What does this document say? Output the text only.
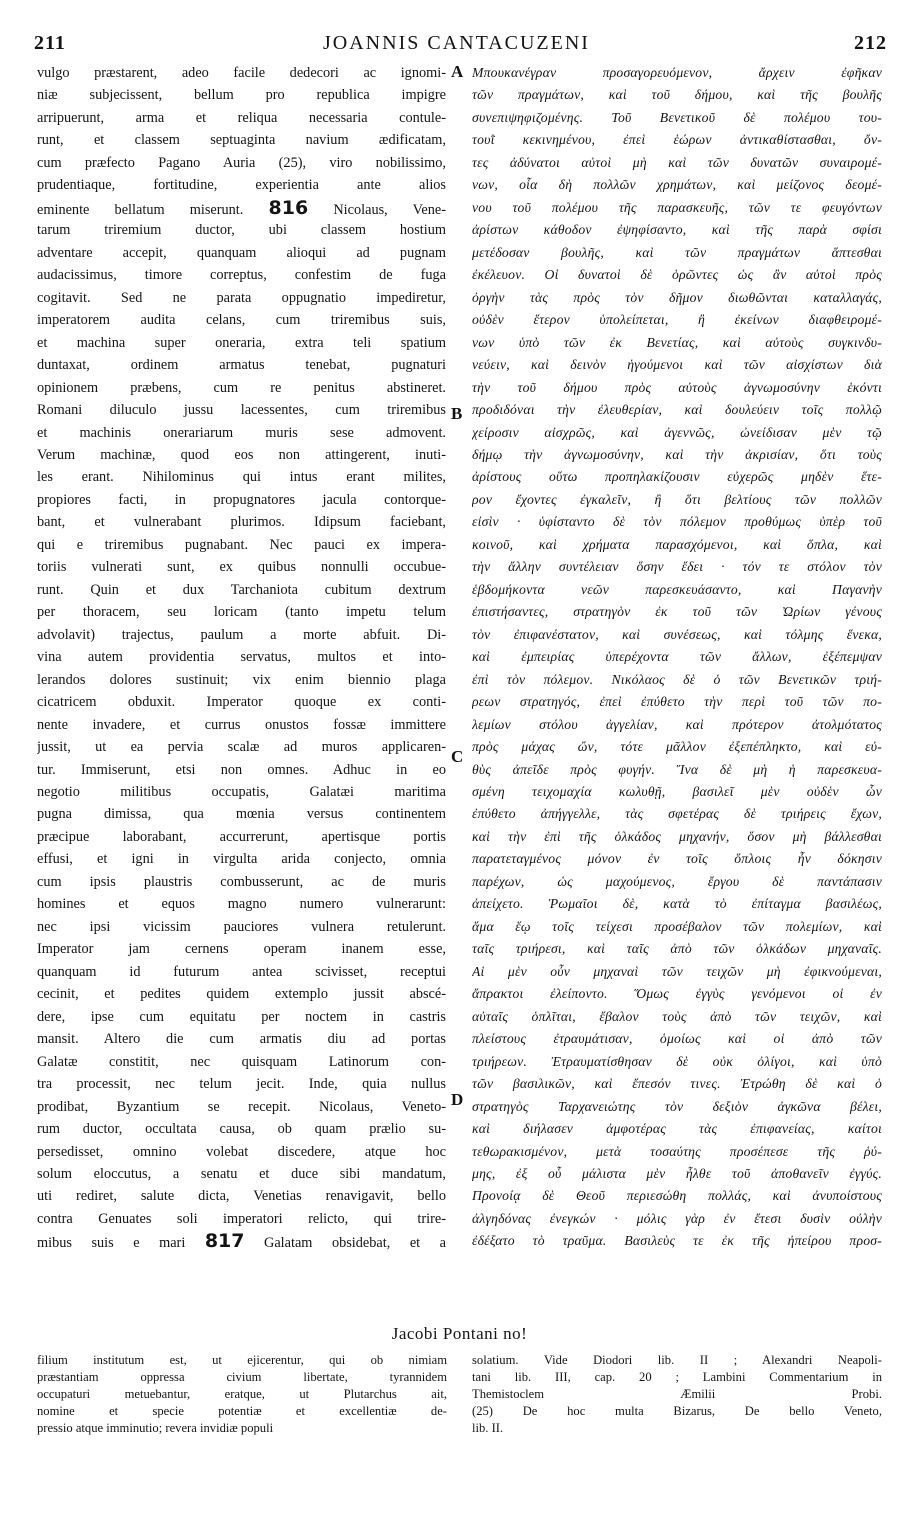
211	JOANNIS CANTACUZENI	212
vulgo præstarent, adeo facile dedecori ac ignomi-
niæ subjecissent, bellum pro republica impigre
arripuerunt, arma et reliqua necessaria contule-
runt, et classem septuaginta navium ædificatam,
cum præfecto Pagano Auria (25), viro nobilissimo,
prudentiaque, fortitudine, experientia ante alios
eminente bellatum miserunt. 816 Nicolaus, Vene-
tarum triremium ductor, ubi classem hostium
adventare accepit, quanquam alioqui ad pugnam
audacissimus, timore correptus, confestim de fuga
cogitavit. Sed ne parata oppugnatio impediretur,
imperatorem audita celans, cum triremibus suis,
et machina super oneraria, extra teli spatium
duntaxat, ordinem armatus tenebat, pugnaturi
opinionem præbens, cum re penitus abstineret.
Romani diluculo jussu lacessentes, cum triremibus
et machinis onerariarum muris sese admovent.
Verum machinæ, quod eos non attingerent, inuti-
les erant. Nihilominus qui intus erant milites,
propiores facti, in propugnatores jacula contorque-
bant, et vulnerabant plurimos. Idipsum faciebant,
qui e triremibus pugnabant. Nec pauci ex impera-
toriis vulnerati sunt, ex quibus nonnulli occubue-
runt. Quin et dux Tarchaniota cubitum dextrum
per thoracem, seu loricam (tanto impetu telum
advolavit) trajectus, paulum a morte abfuit. Di-
vina autem providentia servatus, multos et into-
lerandos dolores sustinuit; vix enim biennio plaga
cicatricem obduxit. Imperator quoque ex conti-
nente invadere, et currus onustos fossæ immittere
jussit, ut ea pervia scalæ ad muros applicaren-
tur. Immiserunt, etsi non omnes. Adhuc in eo
negotio militibus occupatis, Galatæi maritima
pugna dimissa, qua mœnia versus continentem
præcipue laborabant, accurrerunt, apertisque portis
effusi, et igni in virgulta arida conjecto, omnia
cum ipsis plaustris combusserunt, ac de muris
homines et equos magno numero vulnerarunt:
nec ipsi vicissim pauciores vulnera retulerunt.
Imperator jam cernens operam inanem esse,
quanquam id futurum antea scivisset, receptui
cecinit, et pedites quidem extemplo jussit abscé-
dere, ipse cum equitatu per noctem in castris
mansit. Altero die cum armatis diu ad portas
Galatæ constitit, nec quisquam Latinorum con-
tra processit, nec telum jecit. Inde, quia nullus
prodibat, Byzantium se recepit. Nicolaus, Veneto-
rum ductor, occultata causa, ob quam prælio su-
persedisset, omnino volebat discedere, atque hoc
solum eloccutus, a senatu et duce sibi mandatum,
uti rediret, salute dicta, Venetias renavigavit, bello
contra Genuates soli imperatori relicto, qui trire-
mibus suis e mari 817 Galatam obsidebat, et a
Μπουκανέγραν προσαγορευόμενον, ἄρχειν ἐφῆκαν
τῶν πραγμάτων, καὶ τοῦ δήμου, καὶ τῆς βουλῆς
συνεπιψηφιζομένης. Τοῦ Βενετικοῦ δὲ πολέμου του-
τουῒ κεκινημένου, ἐπεὶ ἑώρων ἀντικαθίστασθαι, ὄν-
τες ἀδύνατοι αὐτοὶ μὴ καὶ τῶν δυνατῶν συναιρομέ-
νων, οἷα δὴ πολλῶν χρημάτων, καὶ μείζονος δεομέ-
νου τοῦ πολέμου τῆς παρασκευῆς, τῶν τε φευγόντων
ἀρίστων κάθοδον ἐψηφίσαντο, καὶ τῆς παρὰ σφίσι
μετέδοσαν βουλῆς, καὶ τῶν πραγμάτων ἅπτεσθαι
ἐκέλευον. Οἱ δυνατοὶ δὲ ὁρῶντες ὡς ἂν αὐτοὶ πρὸς
ὀργὴν τὰς πρὸς τὸν δῆμον διωθῶνται καταλλαγάς,
οὐδὲν ἕτερον ὑπολείπεται, ἢ ἐκείνων διαφθειρομέ-
νων ὑπὸ τῶν ἐκ Βενετίας, καὶ αὐτοὺς συγκινδυ-
νεύειν, καὶ δεινὸν ἡγούμενοι καὶ τῶν αἰσχίστων διὰ
τὴν τοῦ δήμου πρὸς αὐτοὺς ἀγνωμοσύνην ἑκόντι
προδιδόναι τὴν ἐλευθερίαν, καὶ δουλεύειν τοῖς πολλῷ
χείροσιν αἰσχρῶς, καὶ ἀγεννῶς, ὠνείδισαν μὲν τῷ
δήμῳ τὴν ἀγνωμοσύνην, καὶ τὴν ἀκρισίαν, ὅτι τοὺς
ἀρίστους οὕτω προπηλακίζουσιν εὐχερῶς μηδὲν ἕτε-
ρον ἔχοντες ἐγκαλεῖν, ἢ ὅτι βελτίους τῶν πολλῶν
εἰσὶν · ὑφίσταντο δὲ τὸν πόλεμον προθύμως ὑπὲρ τοῦ
κοινοῦ, καὶ χρήματα παρασχόμενοι, καὶ ὅπλα, καὶ
τὴν ἄλλην συντέλειαν ὅσην ἔδει · τόν τε στόλον τὸν
ἑβδομήκοντα νεῶν παρεσκευάσαντο, καὶ Παγανὴν
ἐπιστήσαντες, στρατηγὸν ἐκ τοῦ τῶν Ὠρίων γένους
τὸν ἐπιφανέστατον, καὶ συνέσεως, καὶ τόλμης ἕνεκα,
καὶ ἐμπειρίας ὑπερέχοντα τῶν ἄλλων, ἐξέπεμψαν
ἐπὶ τὸν πόλεμον. Νικόλαος δὲ ὁ τῶν Βενετικῶν τριή-
ρεων στρατηγός, ἐπεὶ ἐπύθετο τὴν περὶ τοῦ τῶν πο-
λεμίων στόλου ἀγγελίαν, καὶ πρότερον ἀτολμότατος
πρὸς μάχας ὤν, τότε μᾶλλον ἐξεπέπληκτο, καὶ εὐ-
θὺς ἀπεῖδε πρὸς φυγήν. Ἵνα δὲ μὴ ἡ παρεσκευα-
σμένη τειχομαχία κωλυθῇ, βασιλεῖ μὲν οὐδὲν ὧν
ἐπύθετο ἀπήγγελλε, τὰς σφετέρας δὲ τριήρεις ἔχων,
καὶ τὴν ἐπὶ τῆς ὁλκάδος μηχανήν, ὅσον μὴ βάλλεσθαι
παρατεταγμένος μόνον ἐν τοῖς ὅπλοις ἦν δόκησιν
παρέχων, ὡς μαχούμενος, ἔργου δὲ παντάπασιν
ἀπείχετο. Ῥωμαῖοι δὲ, κατὰ τὸ ἐπίταγμα βασιλέως,
ἅμα ἕῳ τοῖς τείχεσι προσέβαλον τῶν πολεμίων, καὶ
ταῖς τριήρεσι, καὶ ταῖς ἀπὸ τῶν ὁλκάδων μηχαναῖς.
Αἱ μὲν οὖν μηχαναὶ τῶν τειχῶν μὴ ἐφικνούμεναι,
ἄπρακτοι ἐλείποντο. Ὅμως ἐγγὺς γενόμενοι οἱ ἐν
αὐταῖς ὁπλῖται, ἔβαλον τοὺς ἀπὸ τῶν τειχῶν, καὶ
πλείστους ἐτραυμάτισαν, ὁμοίως καὶ οἱ ἀπὸ τῶν
τριήρεων. Ἐτραυματίσθησαν δὲ οὐκ ὀλίγοι, καὶ ὑπὸ
τῶν βασιλικῶν, καὶ ἔπεσόν τινες. Ἐτρώθη δὲ καὶ ὁ
στρατηγὸς Ταρχανειώτης τὸν δεξιὸν ἀγκῶνα βέλει,
καὶ διήλασεν ἀμφοτέρας τὰς ἐπιφανείας, καίτοι
τεθωρακισμένον, μετὰ τοσαύτης προσέπεσε τῆς ῥύ-
μης, ἐξ οὗ μάλιστα μὲν ἦλθε τοῦ ἀποθανεῖν ἐγγύς.
Προνοίᾳ δὲ Θεοῦ περιεσώθη πολλάς, καὶ ἀνυποίστους
ἀλγηδόνας ἐνεγκών · μόλις γὰρ ἐν ἔτεσι δυσὶν οὐλὴν
ἐδέξατο τὸ τραῦμα. Βασιλεὺς τε ἐκ τῆς ἠπείρου προσ-
A
B
C
D
Jacobi Pontani no!
filium institutum est, ut ejicerentur, qui ob nimiam
præstantiam oppressa civium libertate, tyrannidem
occupaturi metuebantur, eratque, ut Plutarchus ait,
nomine et specie potentiæ et excellentiæ de-
pressio atque imminutio; revera invidiæ populi
solatium. Vide Diodori lib. II ; Alexandri Neapoli-
tani lib. III, cap. 20 ; Lambini Commentarium in
Themistoclem Æmilii Probi.
(25) De hoc multa Bizarus, De bello Veneto,
lib. II.
